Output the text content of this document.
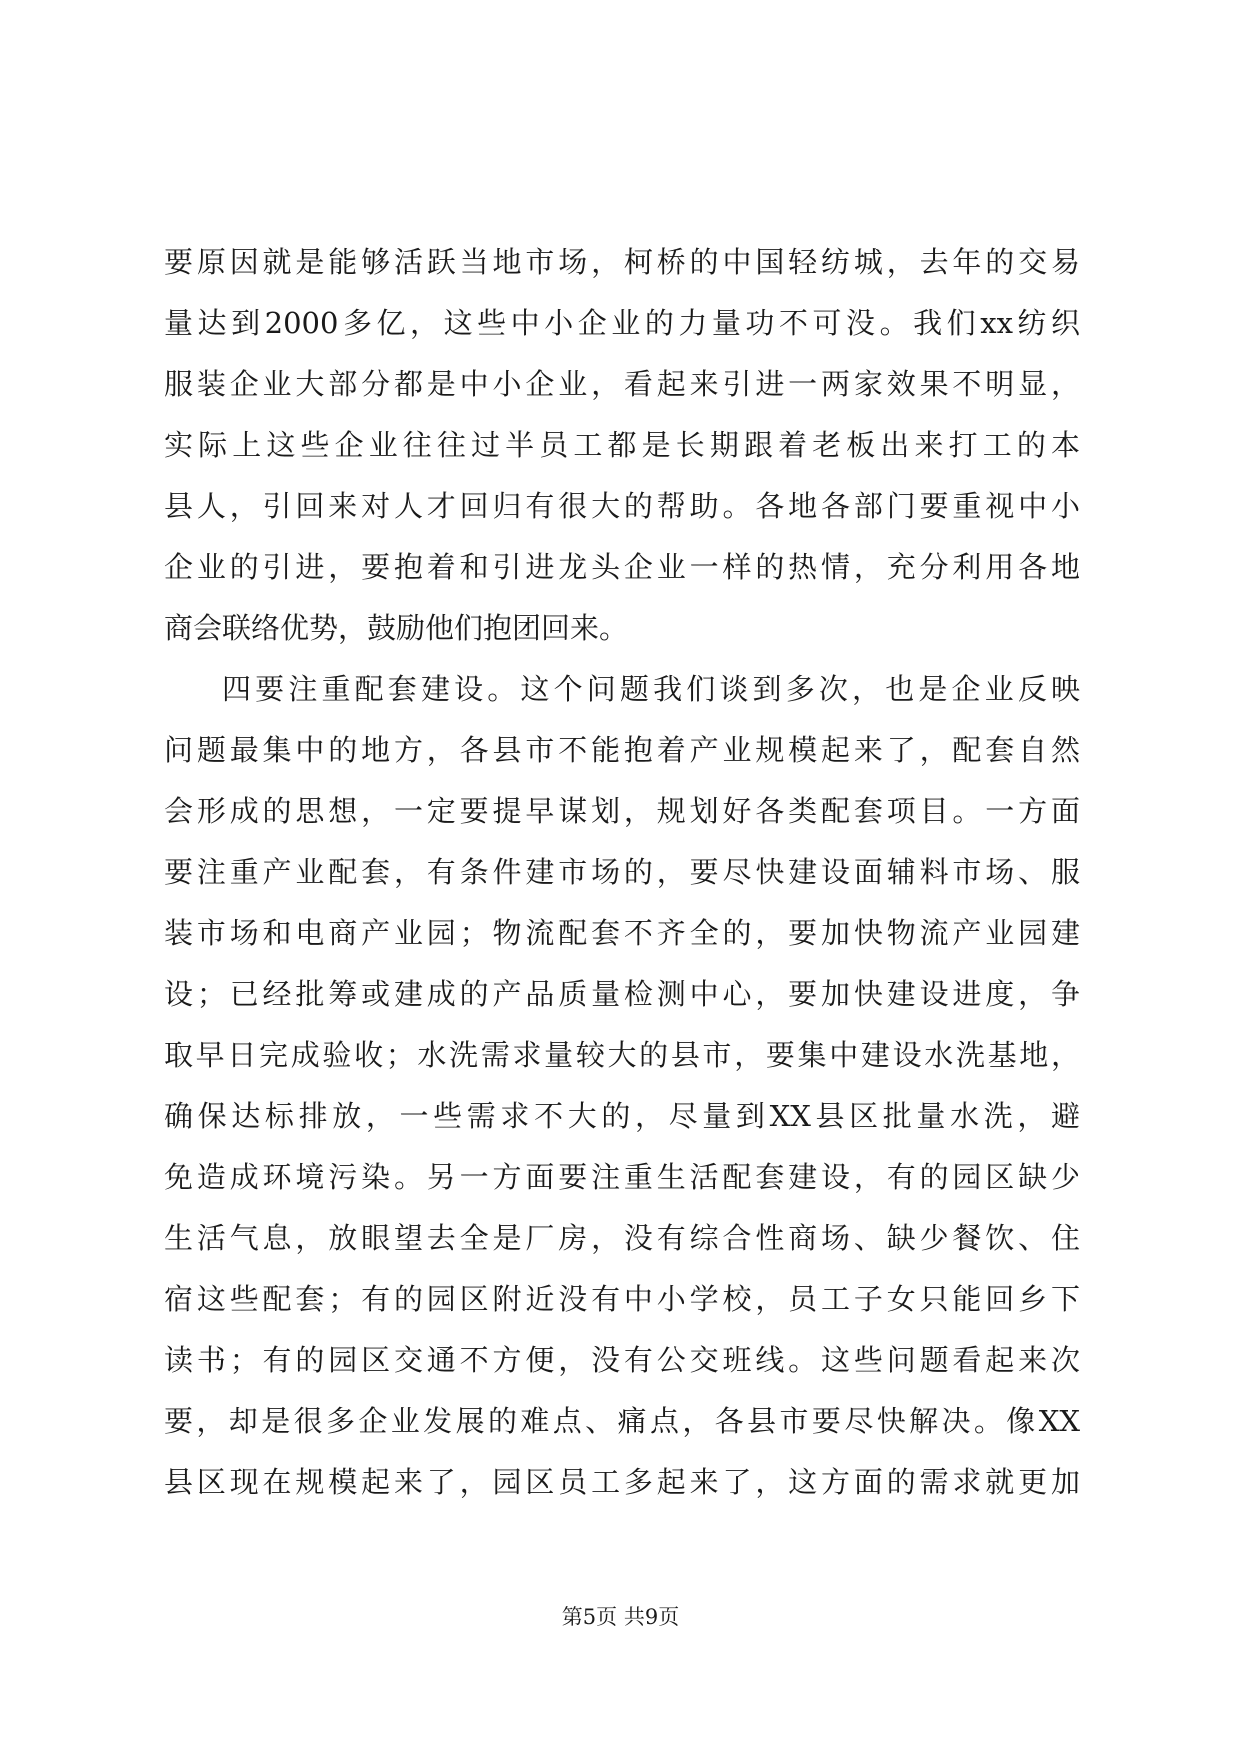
要原因就是能够活跃当地市场，柯桥的中国轻纺城，去年的交易
量达到2000多亿，这些中小企业的力量功不可没。我们xx纺织
服装企业大部分都是中小企业，看起来引进一两家效果不明显，
实际上这些企业往往过半员工都是长期跟着老板出来打工的本
县人，引回来对人才回归有很大的帮助。各地各部门要重视中小
企业的引进，要抱着和引进龙头企业一样的热情，充分利用各地
商会联络优势，鼓励他们抱团回来。
四要注重配套建设。这个问题我们谈到多次，也是企业反映
问题最集中的地方，各县市不能抱着产业规模起来了，配套自然
会形成的思想，一定要提早谋划，规划好各类配套项目。一方面
要注重产业配套，有条件建市场的，要尽快建设面辅料市场、服
装市场和电商产业园；物流配套不齐全的，要加快物流产业园建
设；已经批筹或建成的产品质量检测中心，要加快建设进度，争
取早日完成验收；水洗需求量较大的县市，要集中建设水洗基地，
确保达标排放，一些需求不大的，尽量到XX县区批量水洗，避
免造成环境污染。另一方面要注重生活配套建设，有的园区缺少
生活气息，放眼望去全是厂房，没有综合性商场、缺少餐饮、住
宿这些配套；有的园区附近没有中小学校，员工子女只能回乡下
读书；有的园区交通不方便，没有公交班线。这些问题看起来次
要，却是很多企业发展的难点、痛点，各县市要尽快解决。像XX
县区现在规模起来了，园区员工多起来了，这方面的需求就更加
第5页 共9页
